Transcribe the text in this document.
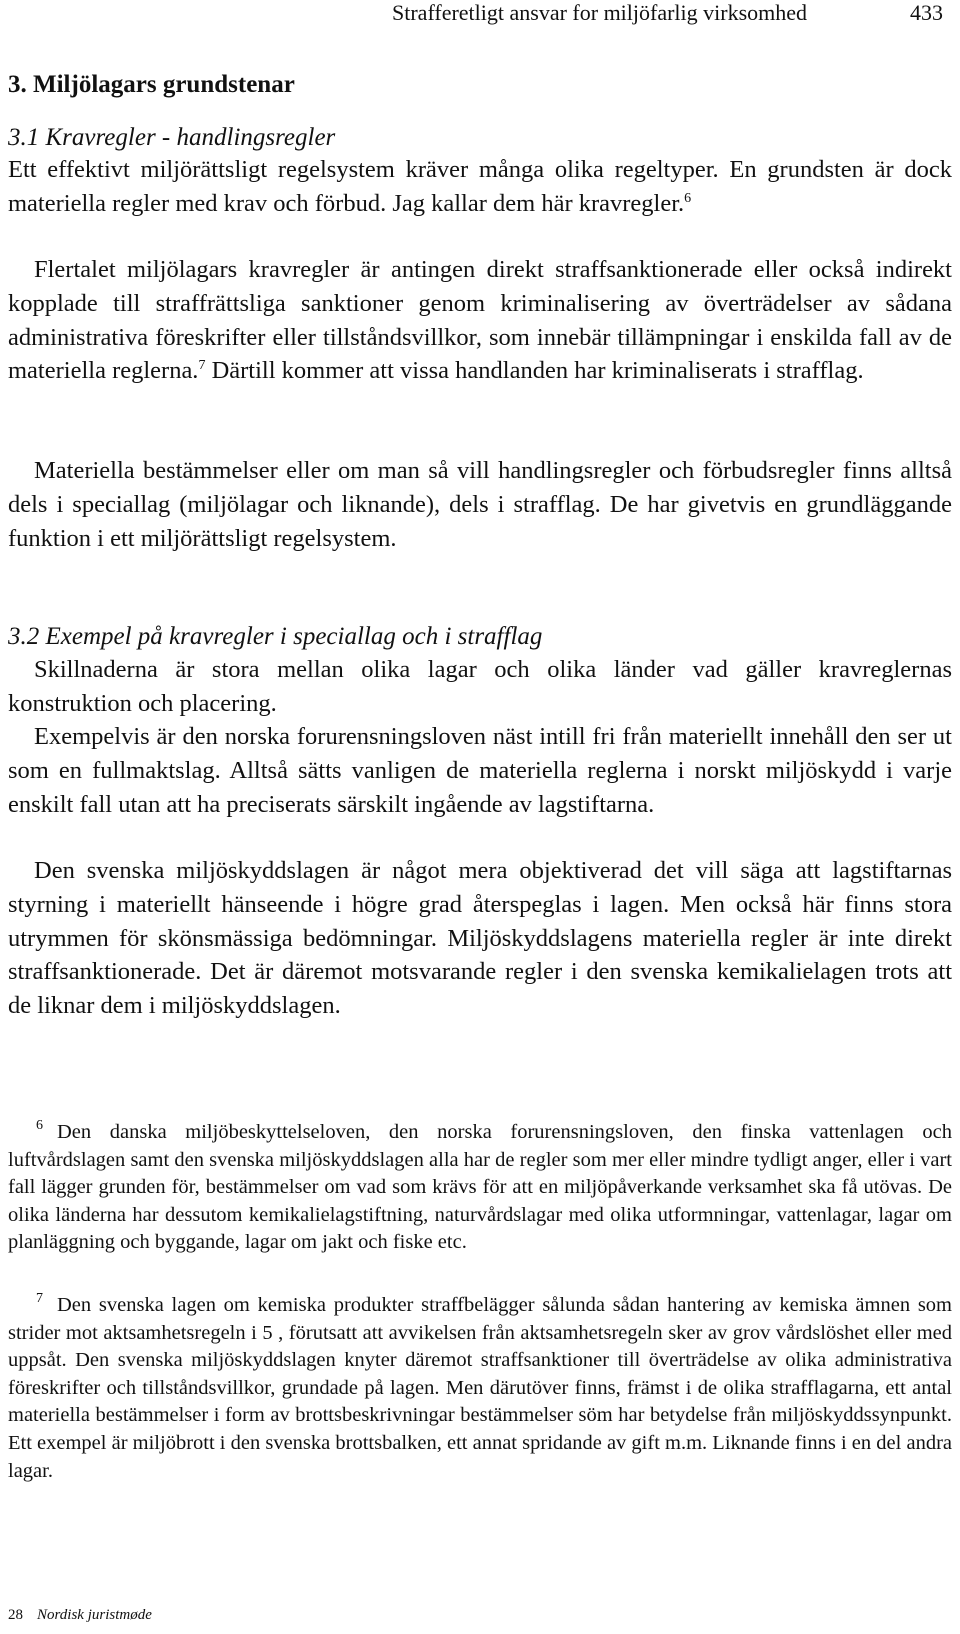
Strafferetligt ansvar for miljöfarlig virksomhed	433
3. Miljölagars grundstenar
3.1 Kravregler - handlingsregler

Ett effektivt miljörättsligt regelsystem kräver många olika regeltyper. En grundsten är dock materiella regler med krav och förbud. Jag kallar dem här kravregler.$^6$

Flertalet miljölagars kravregler är antingen direkt straffsanktionerade eller också indirekt kopplade till straffrättsliga sanktioner genom kriminalisering av överträdelser av sådana administrativa föreskrifter eller tillståndsvillkor, som innebär tillämpningar i enskilda fall av de materiella reglerna.$^7$ Därtill kommer att vissa handlanden har kriminaliserats i strafflag.

Materiella bestämmelser eller om man så vill handlingsregler och förbudsregler finns alltså dels i speciallag (miljölagar och liknande), dels i strafflag. De har givetvis en grundläggande funktion i ett miljörättsligt regelsystem.

3.2 Exempel på kravregler i speciallag och i strafflag

Skillnaderna är stora mellan olika lagar och olika länder vad gäller kravreglernas konstruktion och placering.

Exempelvis är den norska forurensningsloven näst intill fri från materiellt innehåll den ser ut som en fullmaktslag. Alltså sätts vanligen de materiella reglerna i norskt miljöskydd i varje enskilt fall utan att ha preciserats särskilt ingående av lagstiftarna.

Den svenska miljöskyddslagen är något mera objektiverad det vill säga att lagstiftarnas styrning i materiellt hänseende i högre grad återspeglas i lagen. Men också här finns stora utrymmen för skönsmässiga bedömningar. Miljöskyddslagens materiella regler är inte direkt straffsanktionerade. Det är däremot motsvarande regler i den svenska kemikalielagen trots att de liknar dem i miljöskyddslagen.

$^6$ Den danska miljöbeskyttelseloven, den norska forurensningsloven, den finska vattenlagen och luftvårdslagen samt den svenska miljöskyddslagen alla har de regler som mer eller mindre tydligt anger, eller i vart fall lägger grunden för, bestämmelser om vad som krävs för att en miljöpåverkande verksamhet ska få utövas. De olika länderna har dessutom kemikalielagstiftning, naturvårdslagar med olika utformningar, vattenlagar, lagar om planläggning och byggande, lagar om jakt och fiske etc.

$^7$ Den svenska lagen om kemiska produkter straffbelägger sålunda sådan hantering av kemiska ämnen som strider mot aktsamhetsregeln i 5 , förutsatt att avvikelsen från aktsamhetsregeln sker av grov vårdslöshet eller med uppsåt. Den svenska miljöskyddslagen knyter däremot straffsanktioner till överträdelse av olika administrativa föreskrifter och tillståndsvillkor, grundade på lagen. Men därutöver finns, främst i de olika strafflagarna, ett antal materiella bestämmelser i form av brottsbeskrivningar bestämmelser söm har betydelse från miljöskyddssynpunkt. Ett exempel är miljöbrott i den svenska brottsbalken, ett annat spridande av gift m.m. Liknande finns i en del andra lagar.

28 Nordisk juristmøde
